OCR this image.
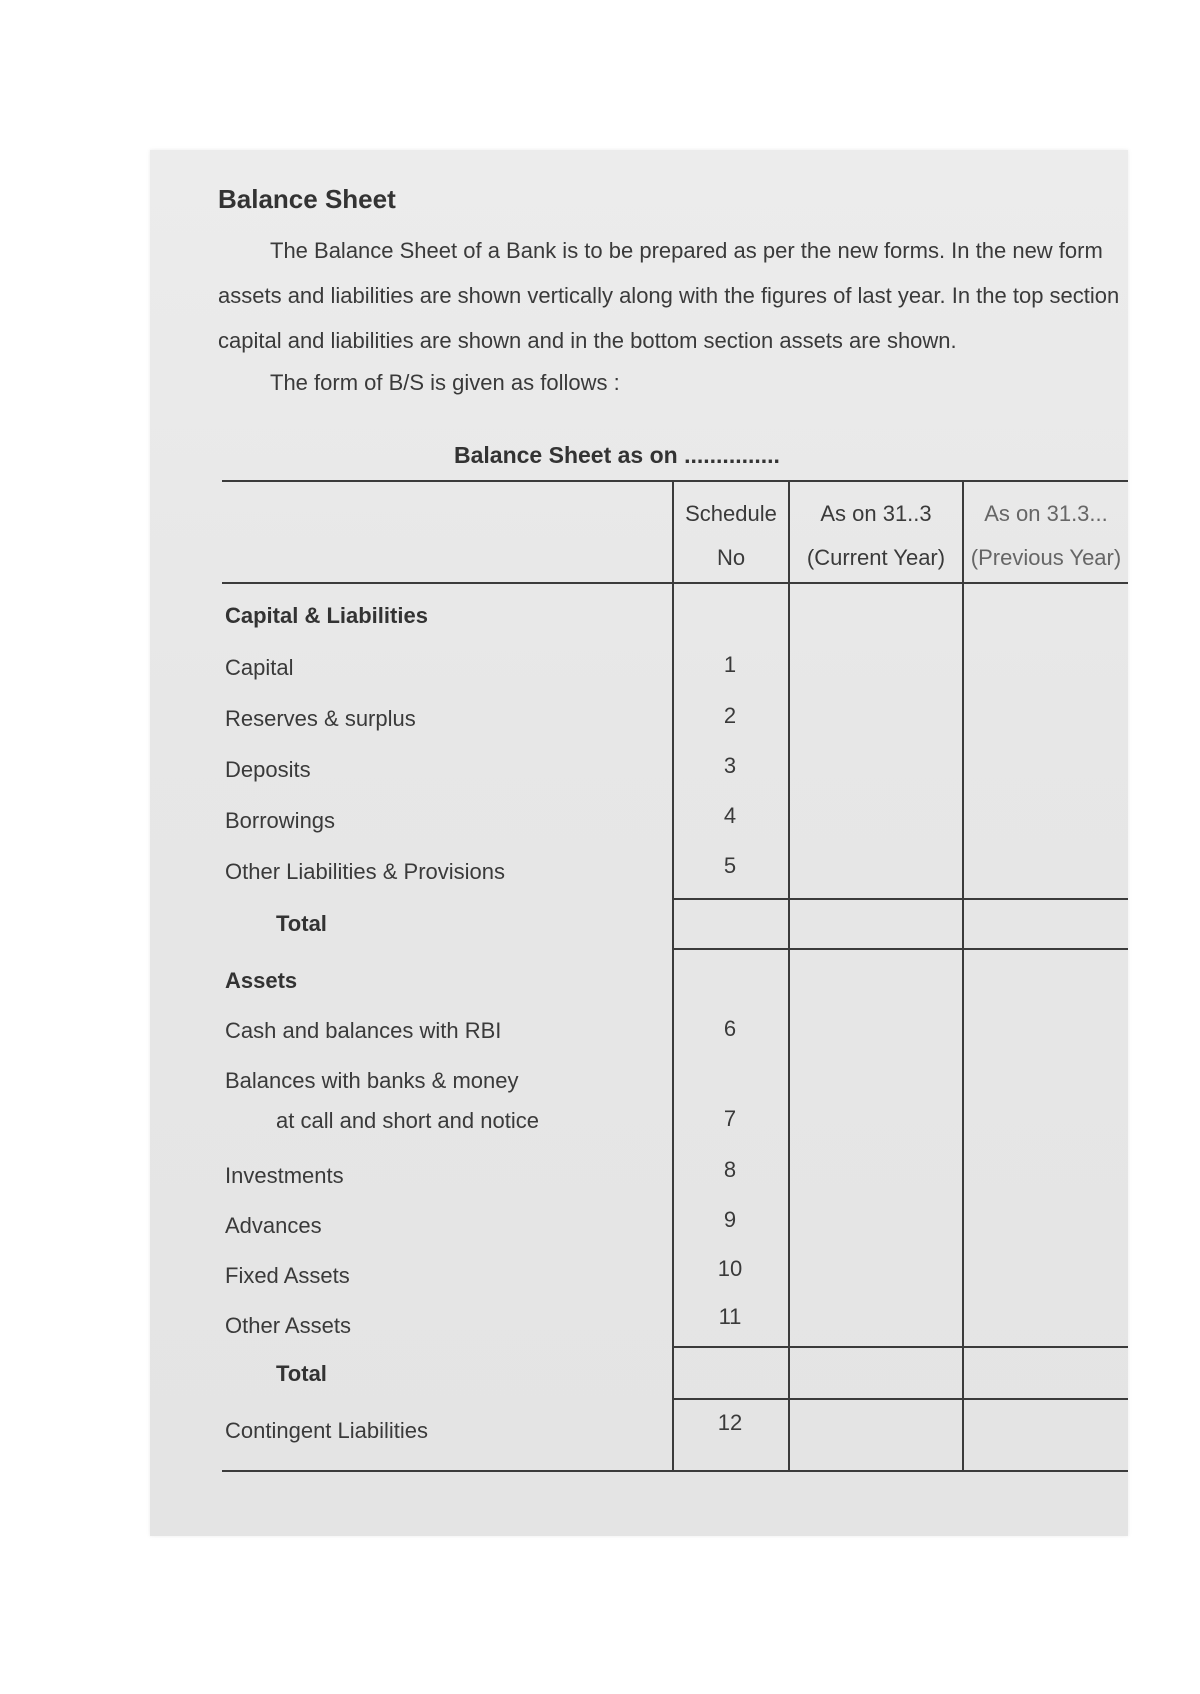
Balance Sheet
The Balance Sheet of a Bank is to be prepared as per the new forms. In the new form
assets and liabilities are shown vertically along with the figures of last year. In the top section
capital and liabilities are shown and in the bottom section assets are shown.
The form of B/S is given as follows :
Balance Sheet as on ...............
Schedule
No
As on 31..3
(Current Year)
As on 31.3...
(Previous Year)
Capital & Liabilities
Capital
Reserves & surplus
Deposits
Borrowings
Other Liabilities & Provisions
Total
Assets
Cash and balances with RBI
Balances with banks & money
at call and short and notice
Investments
Advances
Fixed Assets
Other Assets
Total
Contingent Liabilities
1
2
3
4
5
6
7
8
9
10
11
12
